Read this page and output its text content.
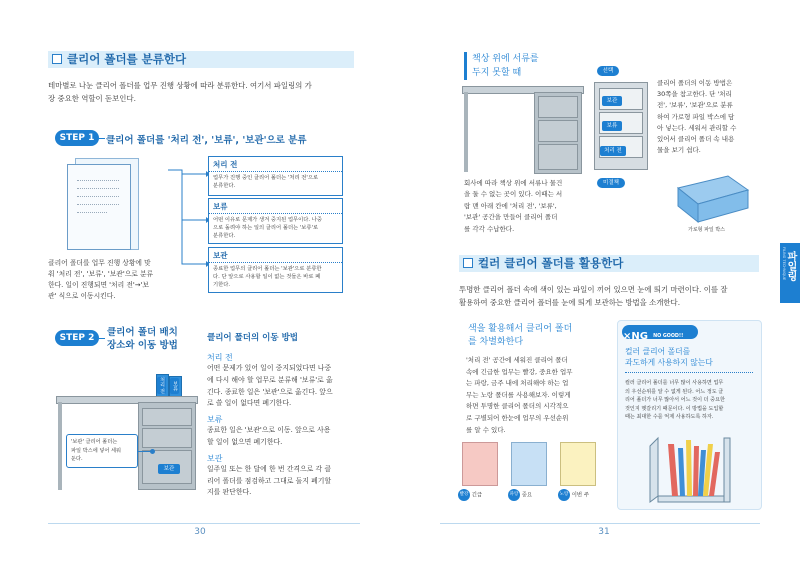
클리어 폴더를 분류한다
테마별로 나눈 클리어 폴더를 업무 진행 상황에 따라 분류한다. 여기서 파일링의 가
장 중요한 역할이 돋보인다.
STEP 1	클리어 폴더를 '처리 전', '보류', '보관'으로 분류
클리어 폴더를 업무 진행 상황에 맞
춰 '처리 전', '보류', '보관'으로 분류
한다. 일이 진행되면 '처리 전'→'보
관' 식으로 이동시킨다.
처리 전
업무가 진행 중인 클리어 폴더는 '처리 전'으로
분류한다.
보류
어떤 이유로 문제가 생겨 중지된 업무이다. 나중
으로 돌려야 하는 일의 클리어 폴더는 '보류'로
분류한다.
보관
종료한 업무의 클리어 폴더는 '보관'으로 분류한
다. 단 앞으로 사용할 일이 없는 것들은 바로 폐
기한다.
STEP 2	클리어 폴더 배치
장소와 이동 방법
처리 전	보류
보관
'보관' 클리어 폴더는
파일 박스에 넣어 세워
둔다.
클리어 폴더의 이동 방법
처리 전
어떤 문제가 있어 일이 중지되었다면 나중
에 다시 해야 할 업무로 분류해 '보류'로 옮
긴다. 종료한 일은 '보관'으로 옮긴다. 앞으
로 쓸 일이 없다면 폐기한다.
보류
종료한 일은 '보관'으로 이동. 앞으로 사용
할 일이 없으면 폐기한다.
보관
일주일 또는 한 달에 한 번 간격으로 각 클
리어 폴더를 점검하고 그대로 둘지 폐기할
지를 판단한다.
30
책상 위에 서류를
두지 못할 때	선택
보관
보류
처리 전
미결책
클리어 폴더의 이동 방법은
30쪽을 참고한다. 단 '처리
전', '보류', '보관'으로 분류
하여 가로형 파일 박스에 담
아 넣는다. 세워서 관리할 수
있어서 클리어 폴더 속 내용
물을 보기 쉽다.
회사에 따라 책상 위에 서류나 물건
을 둘 수 없는 곳이 있다. 이때는 서
랍 맨 아래 칸에 '처리 전', '보류',
'보관' 공간을 만들어 클리어 폴더
를 각각 수납한다.	가로형 파일 박스
컬러 클리어 폴더를 활용한다
투명한 클리어 폴더 속에 색이 있는 파일이 끼어 있으면 눈에 띄기 마련이다. 이를 잘
활용하여 중요한 클리어 폴더를 눈에 띄게 보관하는 방법을 소개한다.
색을 활용해서 클리어 폴더
를 차별화한다
'처리 전' 공간에 세워진 클리어 폴더
속에 긴급한 업무는 빨강, 중요한 업무
는 파랑, 금주 내에 처리해야 하는 업
무는 노랑 폴더를 사용해보자. 이렇게
하면 투명한 클리어 폴더의 시각적으
로 구별되어 한눈에 업무의 우선순위
를 알 수 있다.
빨강 긴급	파랑 중요	노랑 이번 주
×NG NO GOOD!!
컬러 클리어 폴더를
과도하게 사용하지 않는다
컬러 클리어 폴더를 너무 많이 사용하면 업무
의 우선순위를 알 수 없게 된다. 어느 정도 클
리어 폴더가 너무 많아서 어느 것이 더 중요한
것인지 헷갈리기 때문이다. 이 방법을 도입할
때는 최대한 수를 억제 사용하도록 하자.
파일링
FILING TECHNIQUE
31
